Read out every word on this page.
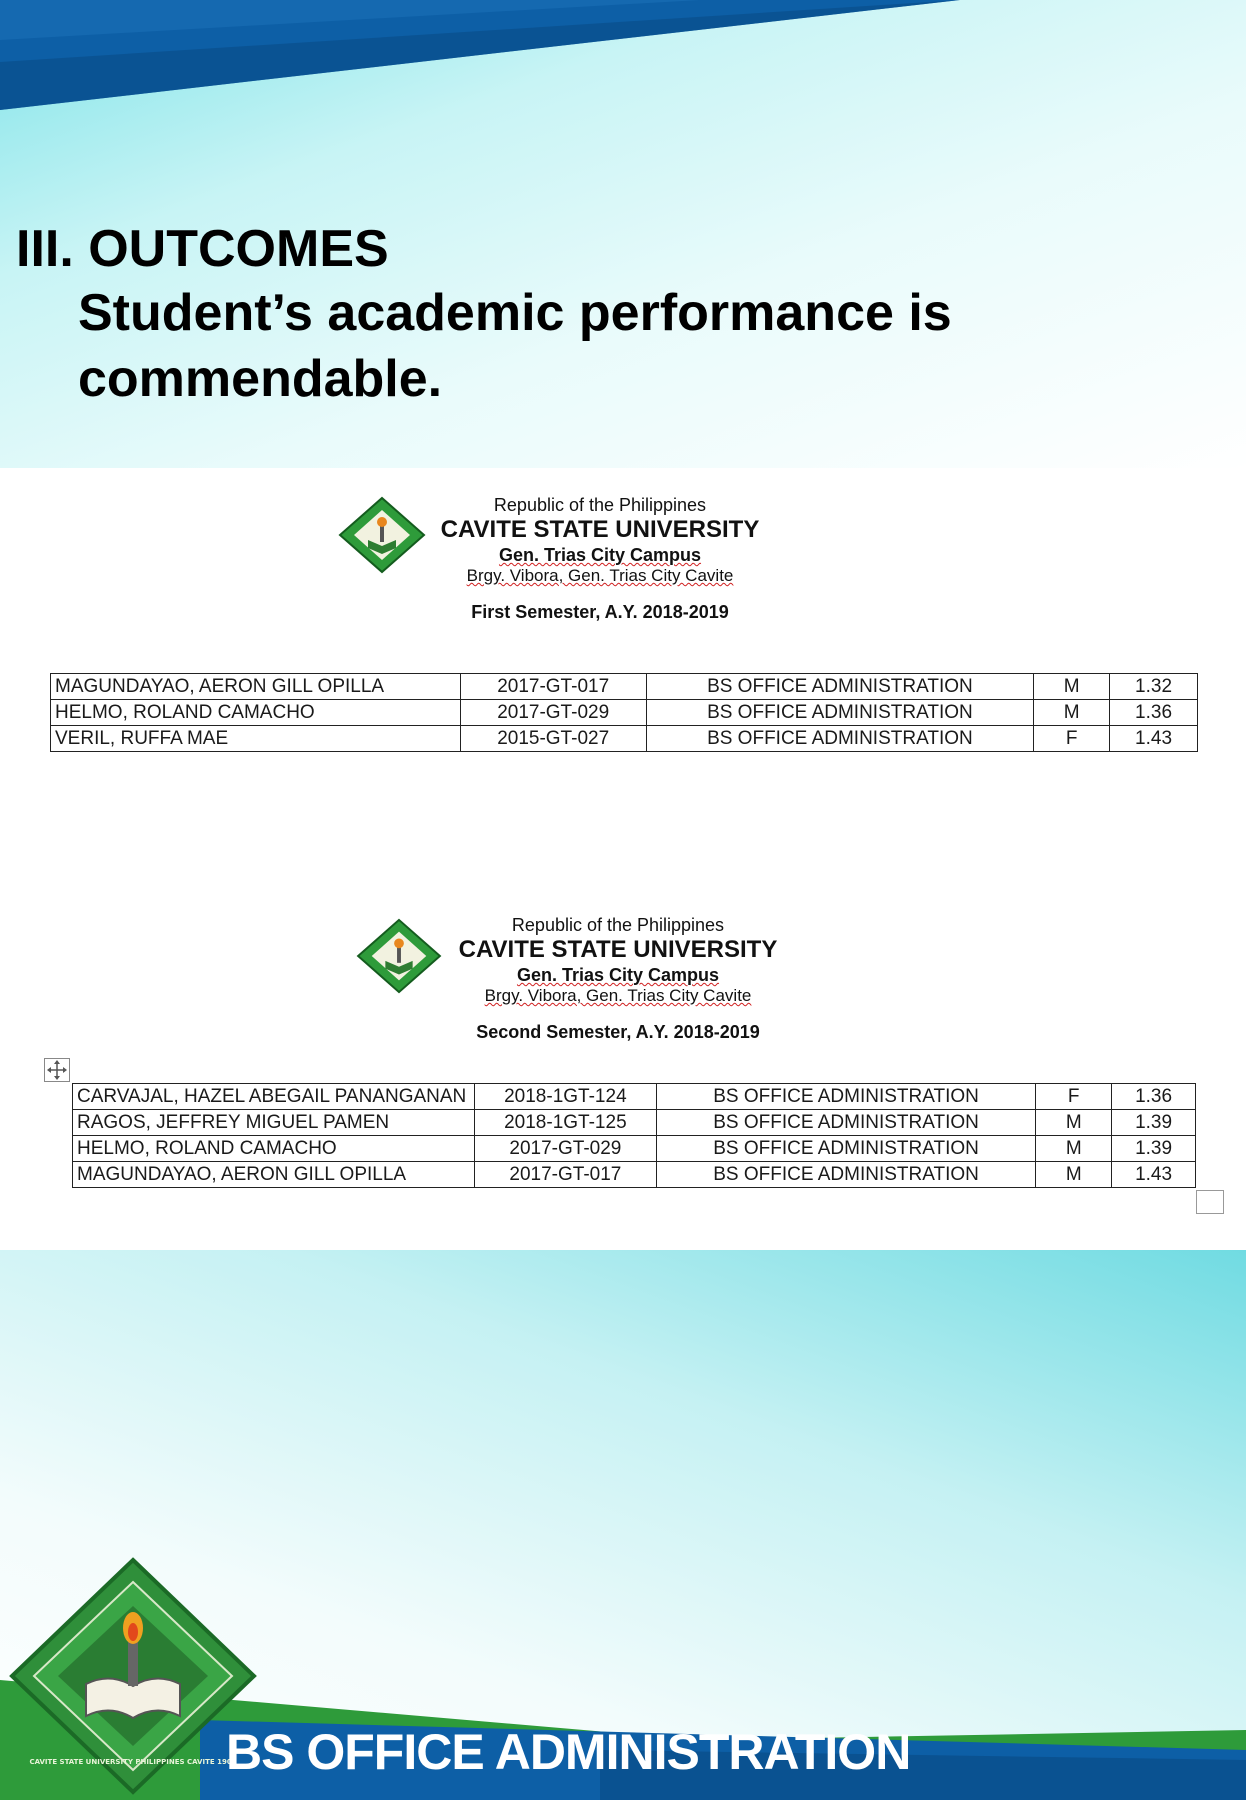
III. OUTCOMES
Student’s academic performance is commendable.
Republic of the Philippines
CAVITE STATE UNIVERSITY
Gen. Trias City Campus
Brgy. Vibora, Gen. Trias City Cavite
First Semester, A.Y. 2018-2019
MAGUNDAYAO, AERON GILL OPILLA	2017-GT-017	BS OFFICE ADMINISTRATION	M	1.32
HELMO, ROLAND CAMACHO	2017-GT-029	BS OFFICE ADMINISTRATION	M	1.36
VERIL, RUFFA MAE	2015-GT-027	BS OFFICE ADMINISTRATION	F	1.43
Republic of the Philippines
CAVITE STATE UNIVERSITY
Gen. Trias City Campus
Brgy. Vibora, Gen. Trias City Cavite
Second Semester, A.Y. 2018-2019
CARVAJAL, HAZEL ABEGAIL PANANGANAN	2018-1GT-124	BS OFFICE ADMINISTRATION	F	1.36
RAGOS, JEFFREY MIGUEL PAMEN	2018-1GT-125	BS OFFICE ADMINISTRATION	M	1.39
HELMO, ROLAND CAMACHO	2017-GT-029	BS OFFICE ADMINISTRATION	M	1.39
MAGUNDAYAO, AERON GILL OPILLA	2017-GT-017	BS OFFICE ADMINISTRATION	M	1.43
CAVITE STATE UNIVERSITY PHILIPPINES CAVITE 1906
BS OFFICE ADMINISTRATION
